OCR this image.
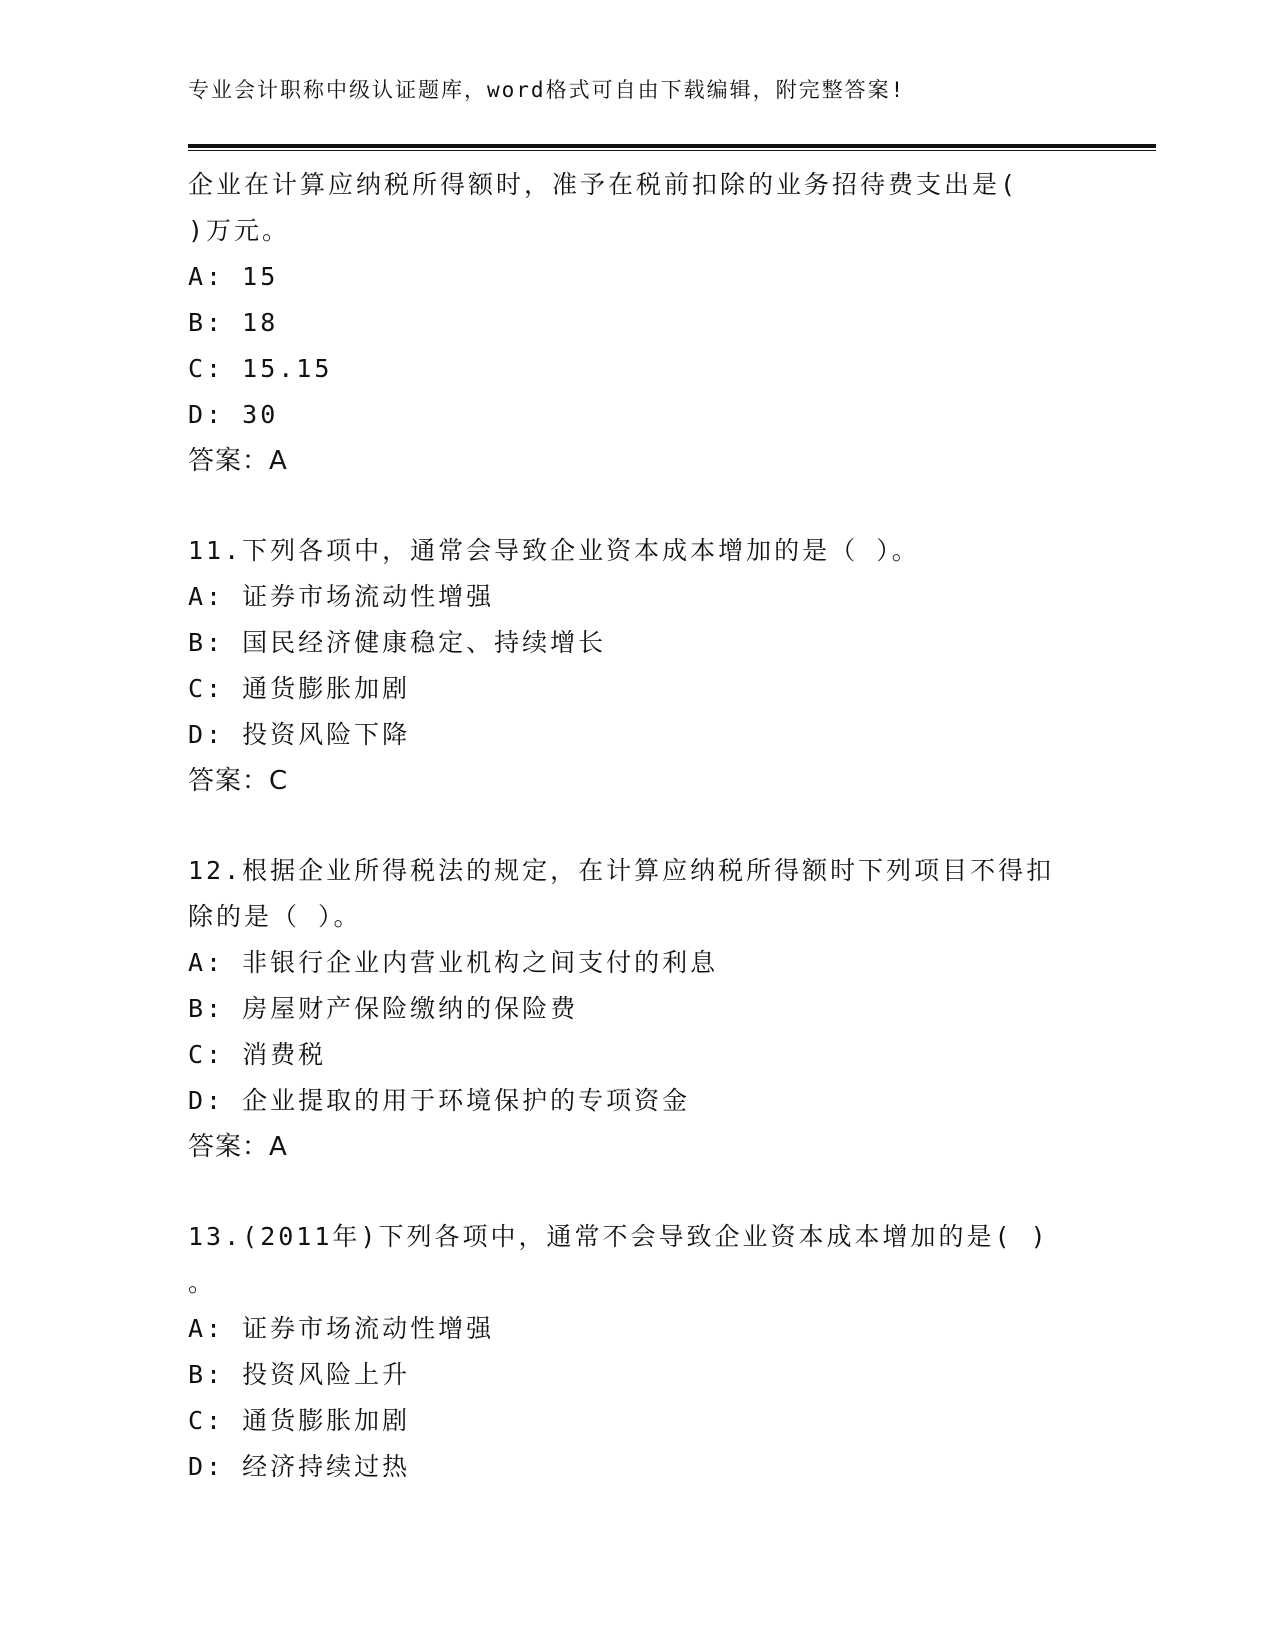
专业会计职称中级认证题库，word格式可自由下载编辑，附完整答案!
企业在计算应纳税所得额时，准予在税前扣除的业务招待费支出是(
)万元。
A: 15
B: 18
C: 15.15
D: 30
答案：A
11.下列各项中，通常会导致企业资本成本增加的是（ ）。
A: 证券市场流动性增强
B: 国民经济健康稳定、持续增长
C: 通货膨胀加剧
D: 投资风险下降
答案：C
12.根据企业所得税法的规定，在计算应纳税所得额时下列项目不得扣
除的是（ ）。
A: 非银行企业内营业机构之间支付的利息
B: 房屋财产保险缴纳的保险费
C: 消费税
D: 企业提取的用于环境保护的专项资金
答案：A
13.(2011年)下列各项中，通常不会导致企业资本成本增加的是( )
。
A: 证券市场流动性增强
B: 投资风险上升
C: 通货膨胀加剧
D: 经济持续过热
